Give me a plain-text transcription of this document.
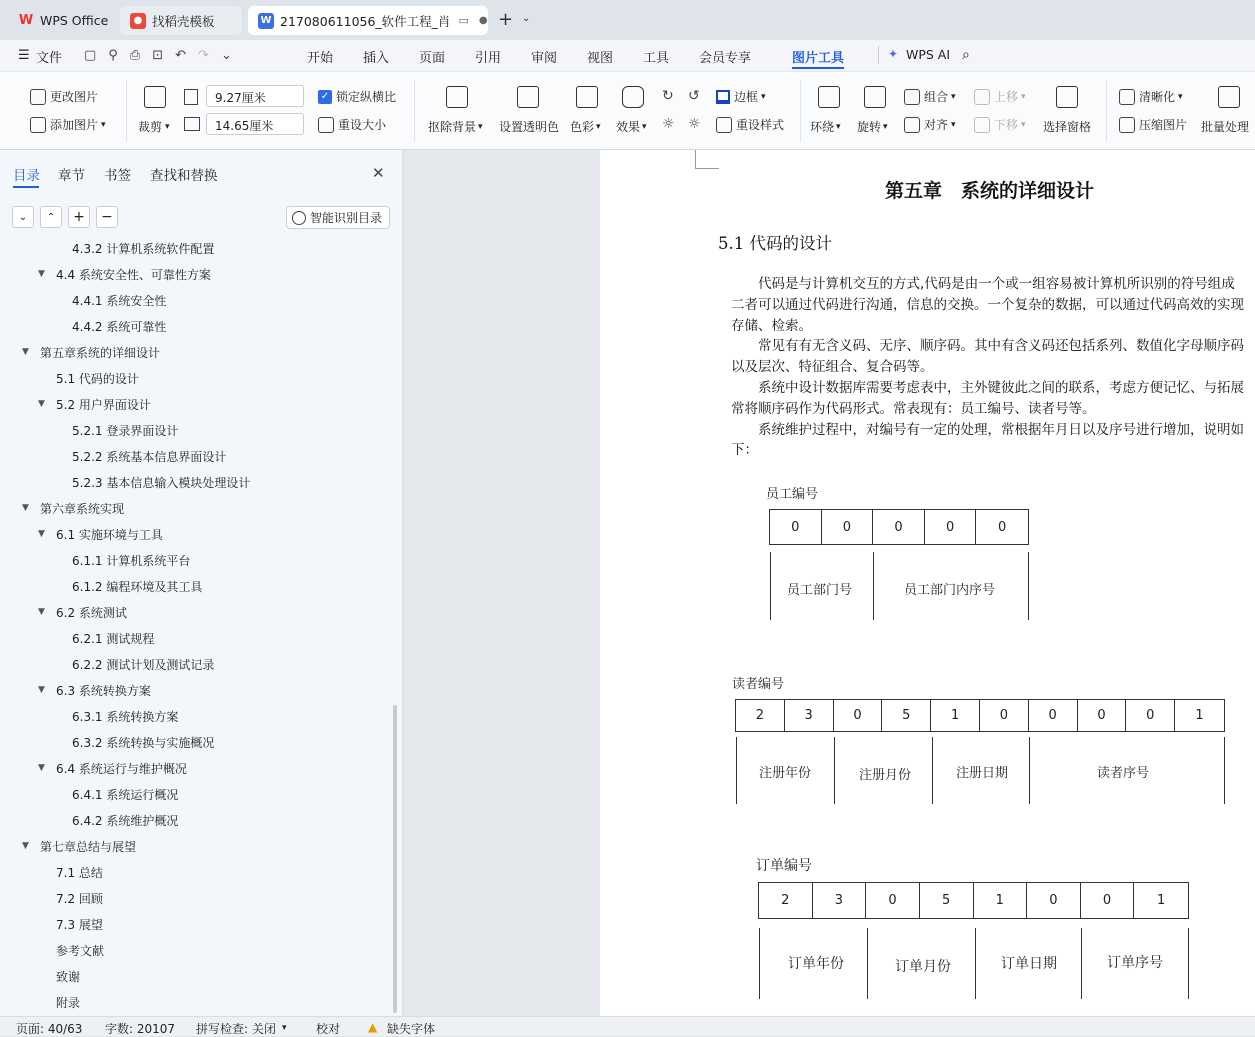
W WPS Office	● 找稻壳模板	W 217080611056_软件工程_肖 ▭ ● + ⌄
☰ 文件 ▢ ⚲ ⎙ ⊡ ↶ ↷ ⌄	开始 插入 页面 引用 审阅 视图 工具 会员专享	图片工具	✦ WPS AI ⌕
更改图片
添加图片 ▾	裁剪 ▾
9.27厘米
14.65厘米
✓ 锁定纵横比
重设大小	抠除背景 ▾ 设置透明色 色彩 ▾ 效果 ▾
↻ ↺
☼ ☼
边框 ▾
重设样式 环绕 ▾ 旋转 ▾
组合 ▾
对齐 ▾
上移 ▾
下移 ▾ 选择窗格
清晰化 ▾
压缩图片 批量处理
目录 章节 书签 查找和替换	✕
⌄	⌃	+	−	智能识别目录
4.3.2 计算机系统软件配置
▼ 4.4 系统安全性、可靠性方案
4.4.1 系统安全性
4.4.2 系统可靠性
▼ 第五章系统的详细设计
5.1 代码的设计
▼ 5.2 用户界面设计
5.2.1 登录界面设计
5.2.2 系统基本信息界面设计
5.2.3 基本信息输入模块处理设计
▼ 第六章系统实现
▼ 6.1 实施环境与工具
6.1.1 计算机系统平台
6.1.2 编程环境及其工具
▼ 6.2 系统测试
6.2.1 测试规程
6.2.2 测试计划及测试记录
▼ 6.3 系统转换方案
6.3.1 系统转换方案
6.3.2 系统转换与实施概况
▼ 6.4 系统运行与维护概况
6.4.1 系统运行概况
6.4.2 系统维护概况
▼ 第七章总结与展望
7.1 总结
7.2 回顾
7.3 展望
参考文献
致谢
附录
第五章　系统的详细设计
5.1 代码的设计
　　代码是与计算机交互的方式,代码是由一个或一组容易被计算机所识别的符号组成
二者可以通过代码进行沟通，信息的交换。一个复杂的数据，可以通过代码高效的实现
存储、检索。
　　常见有有无含义码、无序、顺序码。其中有含义码还包括系列、数值化字母顺序码
以及层次、特征组合、复合码等。
　　系统中设计数据库需要考虑表中，主外键彼此之间的联系，考虑方便记忆、与拓展
常将顺序码作为代码形式。常表现有：员工编号、读者号等。
　　系统维护过程中，对编号有一定的处理，常根据年月日以及序号进行增加，说明如
下：
员工编号
0	0	0	0	0
员工部门号	员工部门内序号
读者编号
2	3	0	5	1	0	0	0	0	1
注册年份	注册月份	注册日期	读者序号
订单编号
2	3	0	5	1	0	0	1
订单年份	订单月份	订单日期	订单序号
页面: 40/63 字数: 20107 拼写检查: 关闭 ▾ 校对 ▲ 缺失字体
